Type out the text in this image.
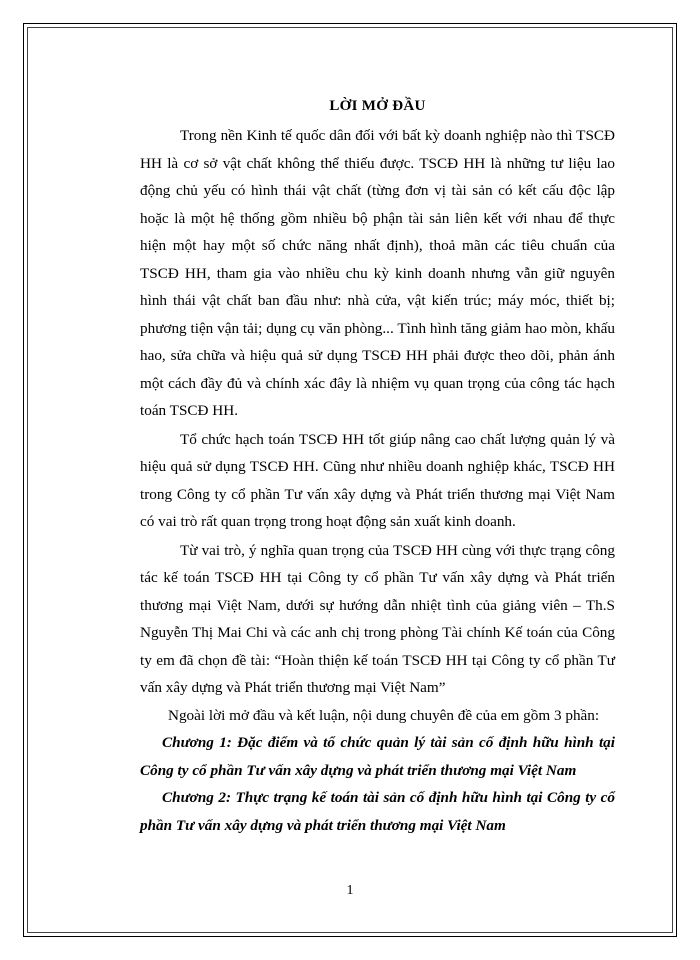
LỜI MỞ ĐẦU

Trong nền Kinh tế quốc dân đối với bất kỳ doanh nghiệp nào thì TSCĐ HH là cơ sở vật chất không thể thiếu được. TSCĐ HH là những tư liệu lao động chủ yếu có hình thái vật chất (từng đơn vị tài sản có kết cấu độc lập hoặc là một hệ thống gồm nhiều bộ phận tài sản liên kết với nhau để thực hiện một hay một số chức năng nhất định), thoả mãn các tiêu chuẩn của TSCĐ HH, tham gia vào nhiều chu kỳ kinh doanh nhưng vẫn giữ nguyên hình thái vật chất ban đầu như: nhà cửa, vật kiến trúc; máy móc, thiết bị; phương tiện vận tải; dụng cụ văn phòng... Tình hình tăng giảm hao mòn, khấu hao, sửa chữa và hiệu quả sử dụng TSCĐ HH phải được theo dõi, phản ánh một cách đầy đủ và chính xác đây là nhiệm vụ quan trọng của công tác hạch toán TSCĐ HH.

Tổ chức hạch toán TSCĐ HH tốt giúp nâng cao chất lượng quản lý và hiệu quả sử dụng TSCĐ HH. Cũng như nhiều doanh nghiệp khác, TSCĐ HH trong Công ty cổ phần Tư vấn xây dựng và Phát triển thương mại Việt Nam có vai trò rất quan trọng trong hoạt động sản xuất kinh doanh.

Từ vai trò, ý nghĩa quan trọng của TSCĐ HH cùng với thực trạng công tác kế toán TSCĐ HH tại Công ty cổ phần Tư vấn xây dựng và Phát triển thương mại Việt Nam, dưới sự hướng dẫn nhiệt tình của giảng viên – Th.S Nguyễn Thị Mai Chi và các anh chị trong phòng Tài chính Kế toán của Công ty em đã chọn đề tài: “Hoàn thiện kế toán TSCĐ HH tại Công ty cổ phần Tư vấn xây dựng và Phát triển thương mại Việt Nam”

Ngoài lời mở đầu và kết luận, nội dung chuyên đề của em gồm 3 phần:

Chương 1: Đặc điểm và tổ chức quản lý tài sản cố định hữu hình tại Công ty cổ phần Tư vấn xây dựng và phát triển thương mại Việt Nam

Chương 2: Thực trạng kế toán tài sản cố định hữu hình tại Công ty cổ phần Tư vấn xây dựng và phát triển thương mại Việt Nam

1
